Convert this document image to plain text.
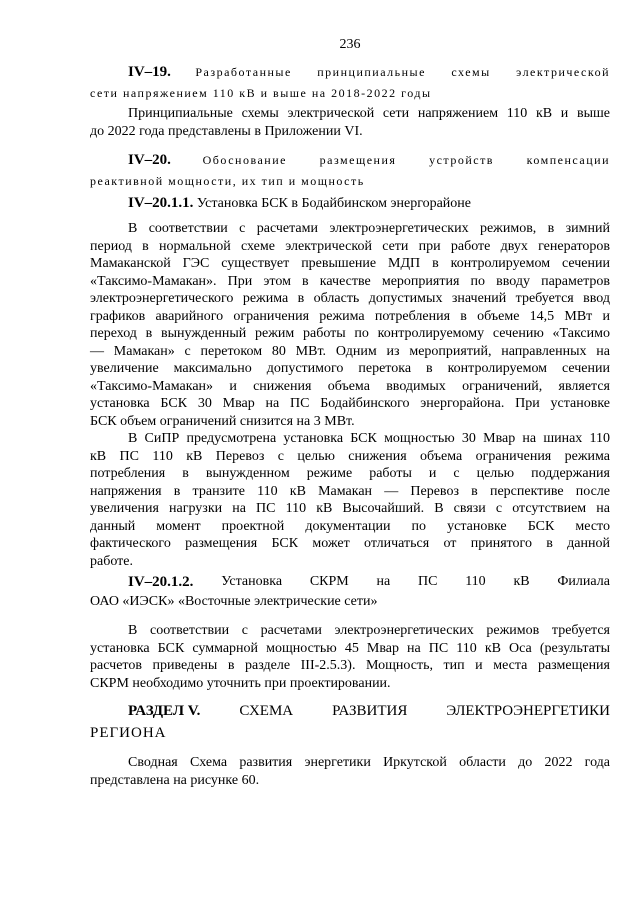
236
IV–19. Разработанные принципиальные схемы электрической
сети напряжением 110 кВ и выше на 2018-2022 годы
Принципиальные схемы электрической сети напряжением 110 кВ и выше
до 2022 года представлены в Приложении VI.
IV–20.	Обоснование размещения устройств компенсации
реактивной мощности, их тип и мощность
IV–20.1.1. Установка БСК в Бодайбинском энергорайоне
В соответствии с расчетами электроэнергетических режимов, в зимний
период в нормальной схеме электрической сети при работе двух генераторов
Мамаканской ГЭС существует превышение МДП в контролируемом сечении
«Таксимо-Мамакан». При этом в качестве мероприятия по вводу параметров
электроэнергетического режима в область допустимых значений требуется ввод
графиков аварийного ограничения режима потребления в объеме 14,5 МВт и
переход в вынужденный режим работы по контролируемому сечению «Таксимо
— Мамакан» с перетоком 80 МВт. Одним из мероприятий, направленных на
увеличение максимально допустимого перетока в контролируемом сечении
«Таксимо-Мамакан» и снижения объема вводимых ограничений, является
установка БСК 30 Мвар на ПС Бодайбинского энергорайона. При установке
БСК объем ограничений снизится на 3 МВт.
В СиПР предусмотрена установка БСК мощностью 30 Мвар на шинах 110
кВ ПС 110 кВ Перевоз с целью снижения объема ограничения режима
потребления в вынужденном режиме работы и с целью поддержания
напряжения в транзите 110 кВ Мамакан — Перевоз в перспективе после
увеличения нагрузки на ПС 110 кВ Высочайший. В связи с отсутствием на
данный момент проектной документации по установке БСК место
фактического размещения БСК может отличаться от принятого в данной
работе.
IV–20.1.2. Установка СКРМ на ПС 110 кВ Филиала
ОАО «ИЭСК» «Восточные электрические сети»
В соответствии с расчетами электроэнергетических режимов требуется
установка БСК суммарной мощностью 45 Мвар на ПС 110 кВ Оса (результаты
расчетов приведены в разделе III-2.5.3). Мощность, тип и места размещения
СКРМ необходимо уточнить при проектировании.
РАЗДЕЛ V.	СХЕМА	РАЗВИТИЯ	ЭЛЕКТРОЭНЕРГЕТИКИ
РЕГИОНА
Сводная Схема развития энергетики Иркутской области до 2022 года
представлена на рисунке 60.
